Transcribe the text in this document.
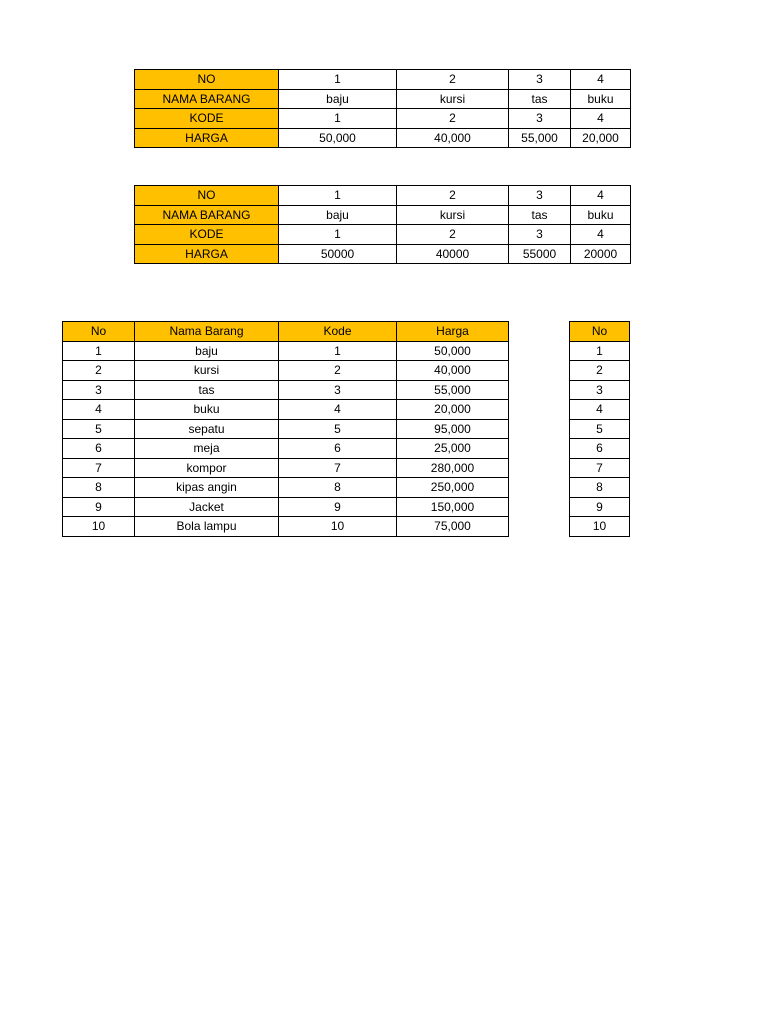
NO	1	2	3	4
NAMA BARANG	baju	kursi	tas	buku
KODE	1	2	3	4
HARGA	50,000	40,000	55,000	20,000
NO	1	2	3	4
NAMA BARANG	baju	kursi	tas	buku
KODE	1	2	3	4
HARGA	50000	40000	55000	20000
No	Nama Barang	Kode	Harga
1	baju	1	50,000
2	kursi	2	40,000
3	tas	3	55,000
4	buku	4	20,000
5	sepatu	5	95,000
6	meja	6	25,000
7	kompor	7	280,000
8	kipas angin	8	250,000
9	Jacket	9	150,000
10	Bola lampu	10	75,000
No
1
2
3
4
5
6
7
8
9
10
